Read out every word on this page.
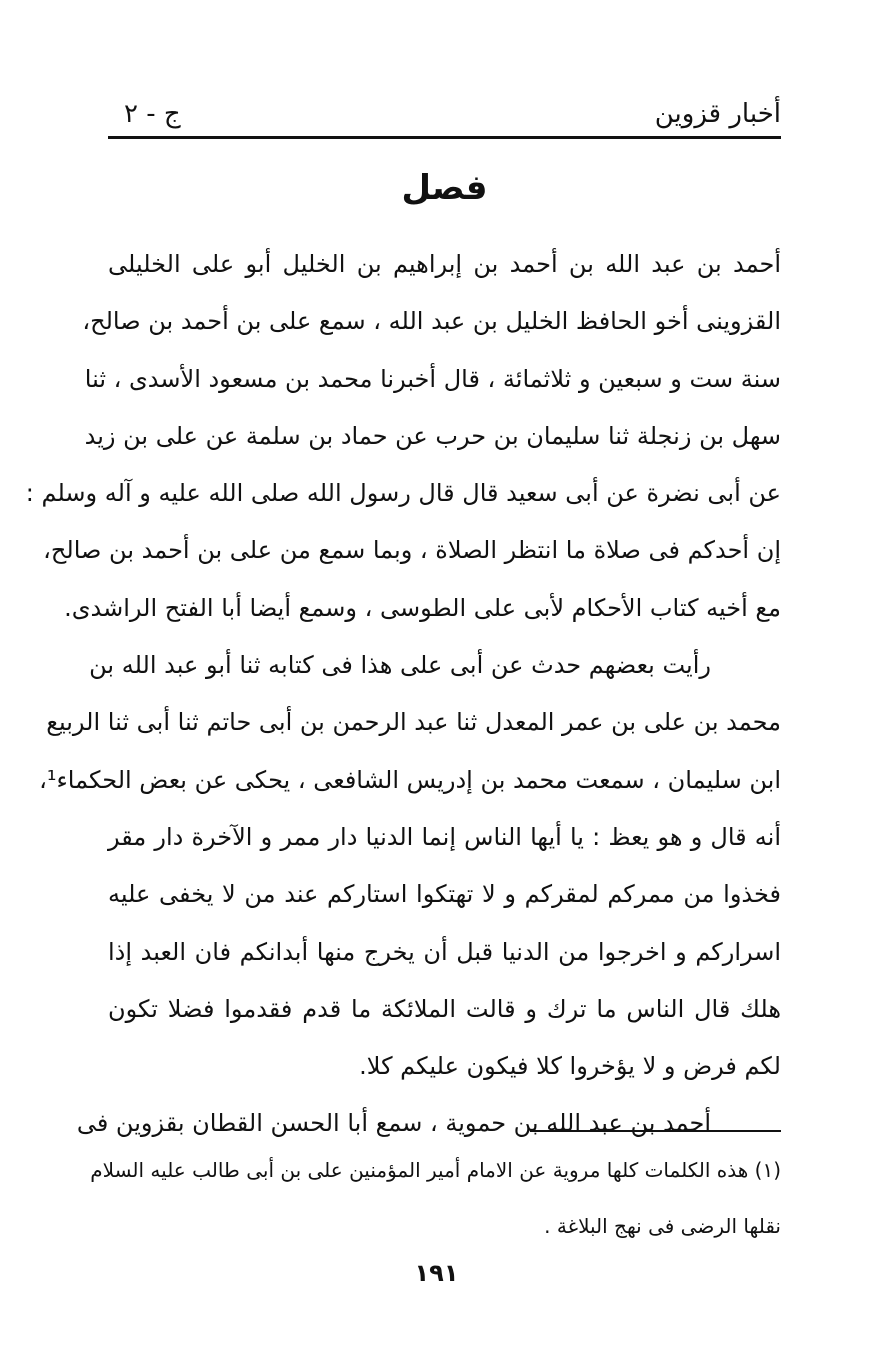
أخبار قزوين
ج - ٢
فصل
أحمد بن عبد الله بن أحمد بن إبراهيم بن الخليل أبو على الخليلى
القزوينى أخو الحافظ الخليل بن عبد الله ، سمع على بن أحمد بن صالح،
سنة ست و سبعين و ثلاثمائة ، قال أخبرنا محمد بن مسعود الأسدى ، ثنا
سهل بن زنجلة ثنا سليمان بن حرب عن حماد بن سلمة عن على بن زيد
عن أبى نضرة عن أبى سعيد قال قال رسول الله صلى الله عليه و آله وسلم :
إن أحدكم فى صلاة ما انتظر الصلاة ، وبما سمع من على بن أحمد بن صالح،
مع أخيه كتاب الأحكام لأبى على الطوسى ، وسمع أيضا أبا الفتح الراشدى.
رأيت بعضهم حدث عن أبى على هذا فى كتابه ثنا أبو عبد الله بن
محمد بن على بن عمر المعدل ثنا عبد الرحمن بن أبى حاتم ثنا أبى ثنا الربيع
ابن سليمان ، سمعت محمد بن إدريس الشافعى ، يحكى عن بعض الحكماء¹،
أنه قال و هو يعظ : يا أيها الناس إنما الدنيا دار ممر و الآخرة دار مقر
فخذوا من ممركم لمقركم و لا تهتكوا استاركم عند من لا يخفى عليه
اسراركم و اخرجوا من الدنيا قبل أن يخرج منها أبدانكم فان العبد إذا
هلك قال الناس ما ترك و قالت الملائكة ما قدم فقدموا فضلا تكون
لكم فرض و لا يؤخروا كلا فيكون عليكم كلا.
أحمد بن عبد الله بن حموية ، سمع أبا الحسن القطان بقزوين فى
(١) هذه الكلمات كلها مروية عن الامام أمير المؤمنين على بن أبى طالب عليه السلام
نقلها الرضى فى نهج البلاغة .
١٩١
